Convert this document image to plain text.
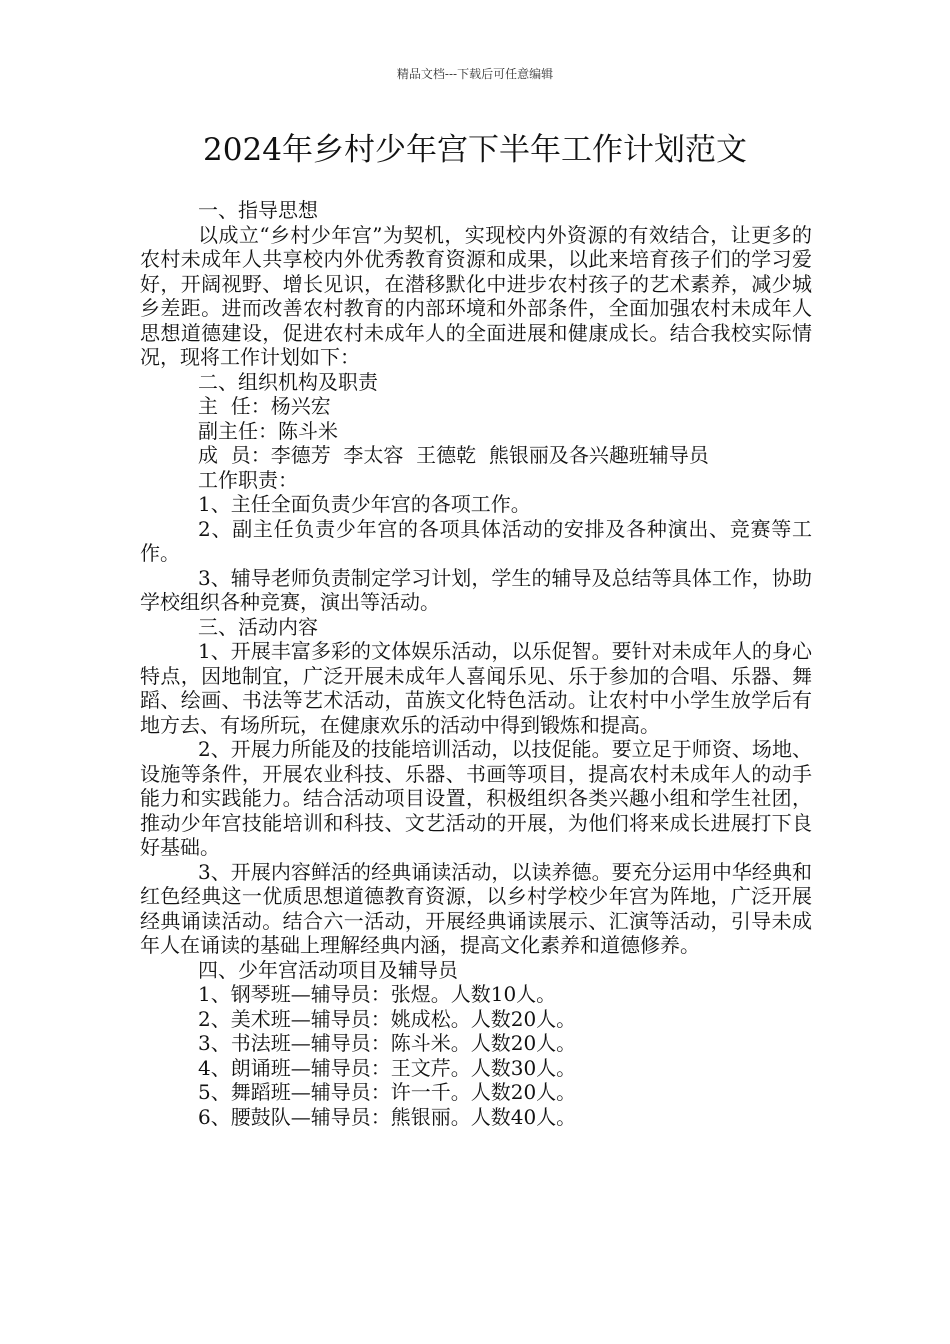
精品文档---下载后可任意编辑
2024年乡村少年宫下半年工作计划范文

一、指导思想

以成立“乡村少年宫”为契机，实现校内外资源的有效结合，让更多的农村未成年人共享校内外优秀教育资源和成果，以此来培育孩子们的学习爱好，开阔视野、增长见识，在潜移默化中进步农村孩子的艺术素养，减少城乡差距。进而改善农村教育的内部环境和外部条件，全面加强农村未成年人思想道德建设，促进农村未成年人的全面进展和健康成长。结合我校实际情况，现将工作计划如下：

二、组织机构及职责

主  任：杨兴宏

副主任：陈斗米

成  员：李德芳  李太容  王德乾  熊银丽及各兴趣班辅导员

工作职责：

1、主任全面负责少年宫的各项工作。

2、副主任负责少年宫的各项具体活动的安排及各种演出、竞赛等工作。

3、辅导老师负责制定学习计划，学生的辅导及总结等具体工作，协助学校组织各种竞赛，演出等活动。

三、活动内容

1、开展丰富多彩的文体娱乐活动，以乐促智。要针对未成年人的身心特点，因地制宜，广泛开展未成年人喜闻乐见、乐于参加的合唱、乐器、舞蹈、绘画、书法等艺术活动，苗族文化特色活动。让农村中小学生放学后有地方去、有场所玩，在健康欢乐的活动中得到锻炼和提高。

2、开展力所能及的技能培训活动，以技促能。要立足于师资、场地、设施等条件，开展农业科技、乐器、书画等项目，提高农村未成年人的动手能力和实践能力。结合活动项目设置，积极组织各类兴趣小组和学生社团，推动少年宫技能培训和科技、文艺活动的开展，为他们将来成长进展打下良好基础。

3、开展内容鲜活的经典诵读活动，以读养德。要充分运用中华经典和红色经典这一优质思想道德教育资源，以乡村学校少年宫为阵地，广泛开展经典诵读活动。结合六一活动，开展经典诵读展示、汇演等活动，引导未成年人在诵读的基础上理解经典内涵，提高文化素养和道德修养。

四、少年宫活动项目及辅导员

1、钢琴班—辅导员：张煜。人数10人。

2、美术班—辅导员：姚成松。人数20人。

3、书法班—辅导员：陈斗米。人数20人。

4、朗诵班—辅导员：王文芹。人数30人。

5、舞蹈班—辅导员：许一千。人数20人。

6、腰鼓队—辅导员：熊银丽。人数40人。
